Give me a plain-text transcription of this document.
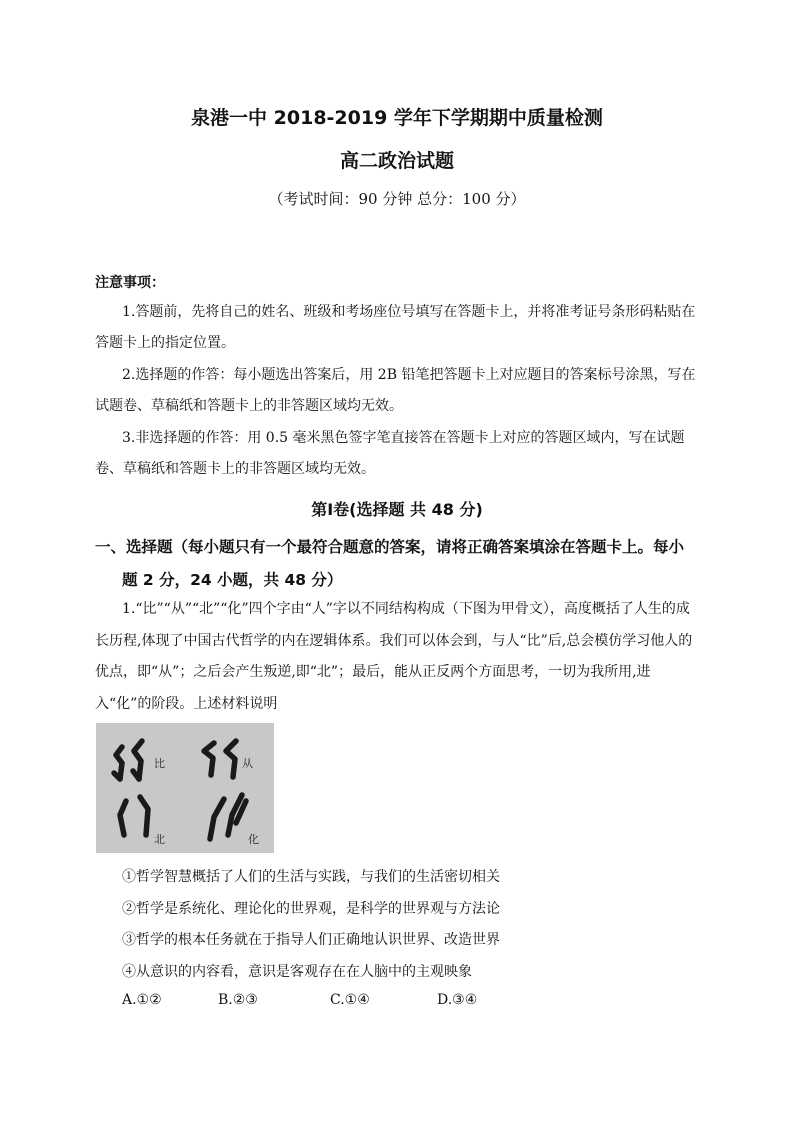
泉港一中 2018-2019 学年下学期期中质量检测
高二政治试题
（考试时间：90 分钟 总分：100 分）
注意事项：
1.答题前，先将自己的姓名、班级和考场座位号填写在答题卡上，并将准考证号条形码粘贴在答题卡上的指定位置。
2.选择题的作答：每小题选出答案后，用 2B 铅笔把答题卡上对应题目的答案标号涂黑，写在试题卷、草稿纸和答题卡上的非答题区域均无效。
3.非选择题的作答：用 0.5 毫米黑色签字笔直接答在答题卡上对应的答题区域内，写在试题卷、草稿纸和答题卡上的非答题区域均无效。
第Ⅰ卷(选择题 共 48 分)
一、选择题（每小题只有一个最符合题意的答案，请将正确答案填涂在答题卡上。每小
题 2 分，24 小题，共 48 分）
1.“比”“从”“北”“化”四个字由“人”字以不同结构构成（下图为甲骨文），高度概括了人生的成长历程,体现了中国古代哲学的内在逻辑体系。我们可以体会到，与人“比”后,总会模仿学习他人的优点，即“从”；之后会产生叛逆,即“北”；最后，能从正反两个方面思考，一切为我所用,进入“化”的阶段。上述材料说明
比	从
北	化
①哲学智慧概括了人们的生活与实践，与我们的生活密切相关
②哲学是系统化、理论化的世界观，是科学的世界观与方法论
③哲学的根本任务就在于指导人们正确地认识世界、改造世界
④从意识的内容看，意识是客观存在在人脑中的主观映象
A.①②	B.②③	C.①④	D.③④
